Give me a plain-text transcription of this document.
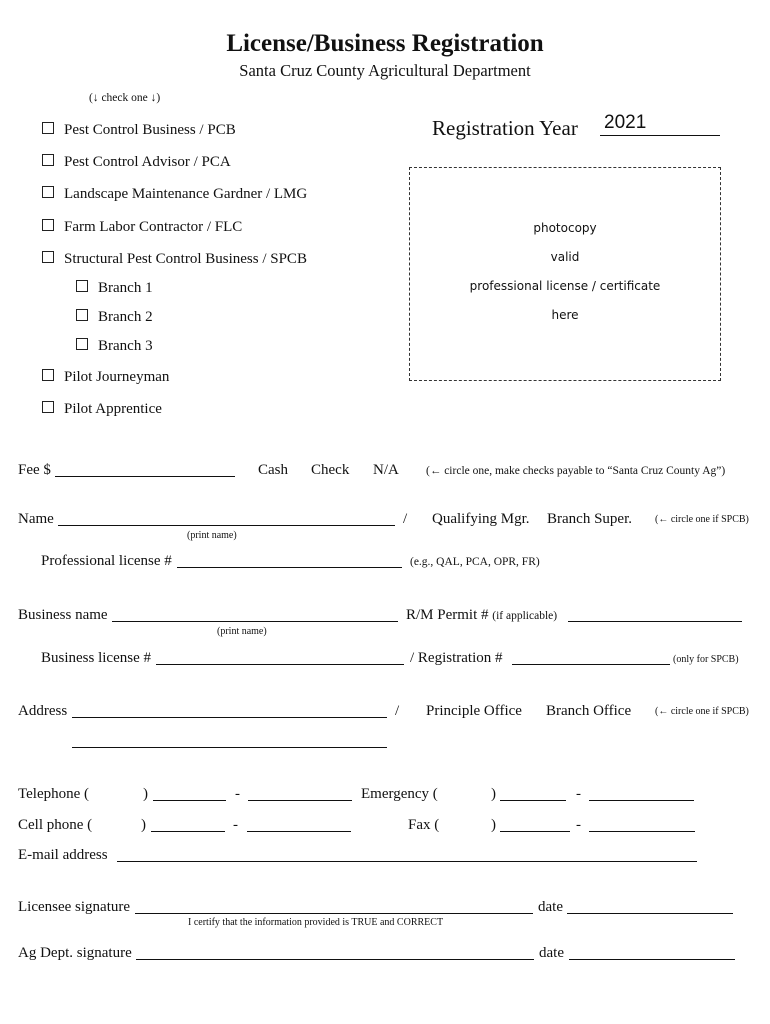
License/Business Registration
Santa Cruz County Agricultural Department
(↓ check one ↓)
Pest Control Business / PCB
Pest Control Advisor / PCA
Landscape Maintenance Gardner / LMG
Farm Labor Contractor / FLC
Structural Pest Control Business / SPCB
Branch 1
Branch 2
Branch 3
Pilot Journeyman
Pilot Apprentice
Registration Year 2021
photocopy
valid
professional license / certificate
here
Fee $	Cash Check N/A (← circle one, make checks payable to “Santa Cruz County Ag”)
Name	/ Qualifying Mgr. Branch Super. (← circle one if SPCB)
(print name)
Professional license #	(e.g., QAL, PCA, OPR, FR)
Business name	R/M Permit # (if applicable)
(print name)
Business license #	/ Registration #	(only for SPCB)
Address	/ Principle Office Branch Office (← circle one if SPCB)
Telephone (	)	-	Emergency (	)	-
Cell phone (	)	-	Fax (	)	-
E-mail address
Licensee signature	date
I certify that the information provided is TRUE and CORRECT
Ag Dept. signature	date
